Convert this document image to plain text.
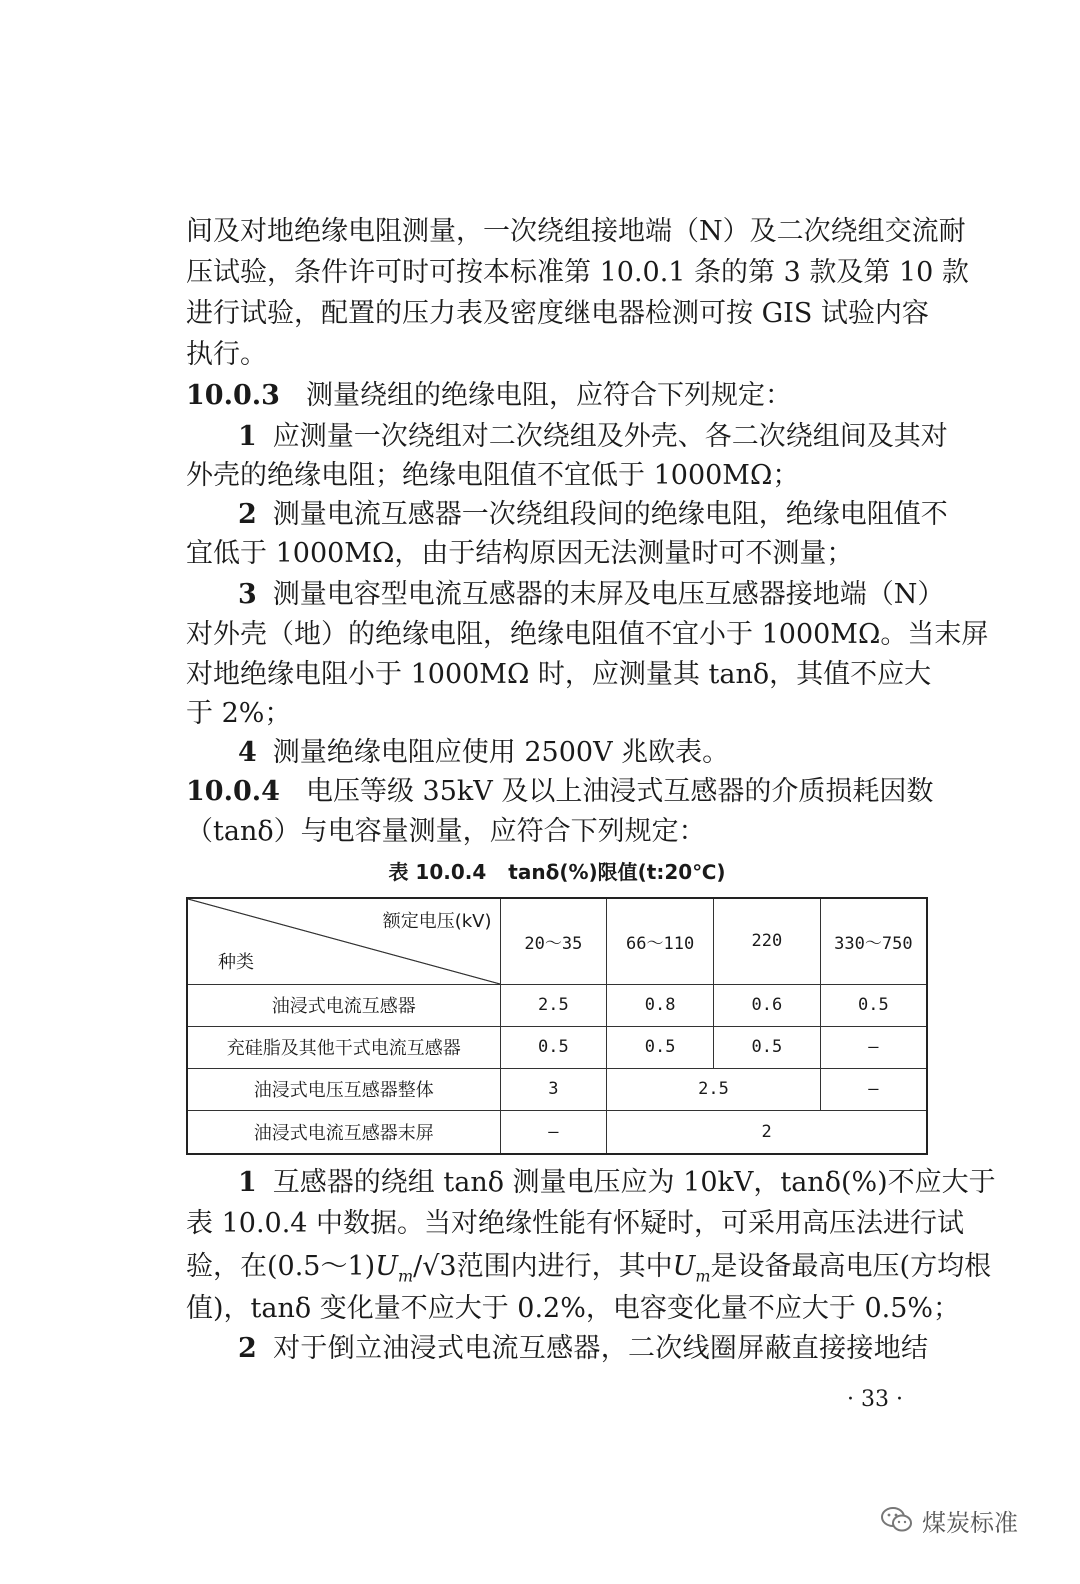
间及对地绝缘电阻测量，一次绕组接地端（N）及二次绕组交流耐
压试验，条件许可时可按本标准第 10.0.1 条的第 3 款及第 10 款
进行试验，配置的压力表及密度继电器检测可按 GIS 试验内容
执行。
10.0.3 测量绕组的绝缘电阻，应符合下列规定：
1 应测量一次绕组对二次绕组及外壳、各二次绕组间及其对
外壳的绝缘电阻；绝缘电阻值不宜低于 1000MΩ；
2 测量电流互感器一次绕组段间的绝缘电阻，绝缘电阻值不
宜低于 1000MΩ，由于结构原因无法测量时可不测量；
3 测量电容型电流互感器的末屏及电压互感器接地端（N）
对外壳（地）的绝缘电阻，绝缘电阻值不宜小于 1000MΩ。当末屏
对地绝缘电阻小于 1000MΩ 时，应测量其 tanδ，其值不应大
于 2%；
4 测量绝缘电阻应使用 2500V 兆欧表。
10.0.4 电压等级 35kV 及以上油浸式互感器的介质损耗因数
（tanδ）与电容量测量，应符合下列规定：
表 10.0.4 tanδ(%)限值(t:20℃)
额定电压(kV)
种类	20～35	66～110	220	330～750
油浸式电流互感器	2.5	0.8	0.6	0.5
充硅脂及其他干式电流互感器	0.5	0.5	0.5	—
油浸式电压互感器整体	3	2.5		—
油浸式电流互感器末屏	—	2		
1 互感器的绕组 tanδ 测量电压应为 10kV，tanδ(%)不应大于
表 10.0.4 中数据。当对绝缘性能有怀疑时，可采用高压法进行试
验，在$(0.5\sim 1)U_m/√3$范围内进行，其中$U_m$是设备最高电压(方均根
值)，tanδ 变化量不应大于 0.2%，电容变化量不应大于 0.5%；
2 对于倒立油浸式电流互感器，二次线圈屏蔽直接接地结
· 33 ·
煤炭标准
